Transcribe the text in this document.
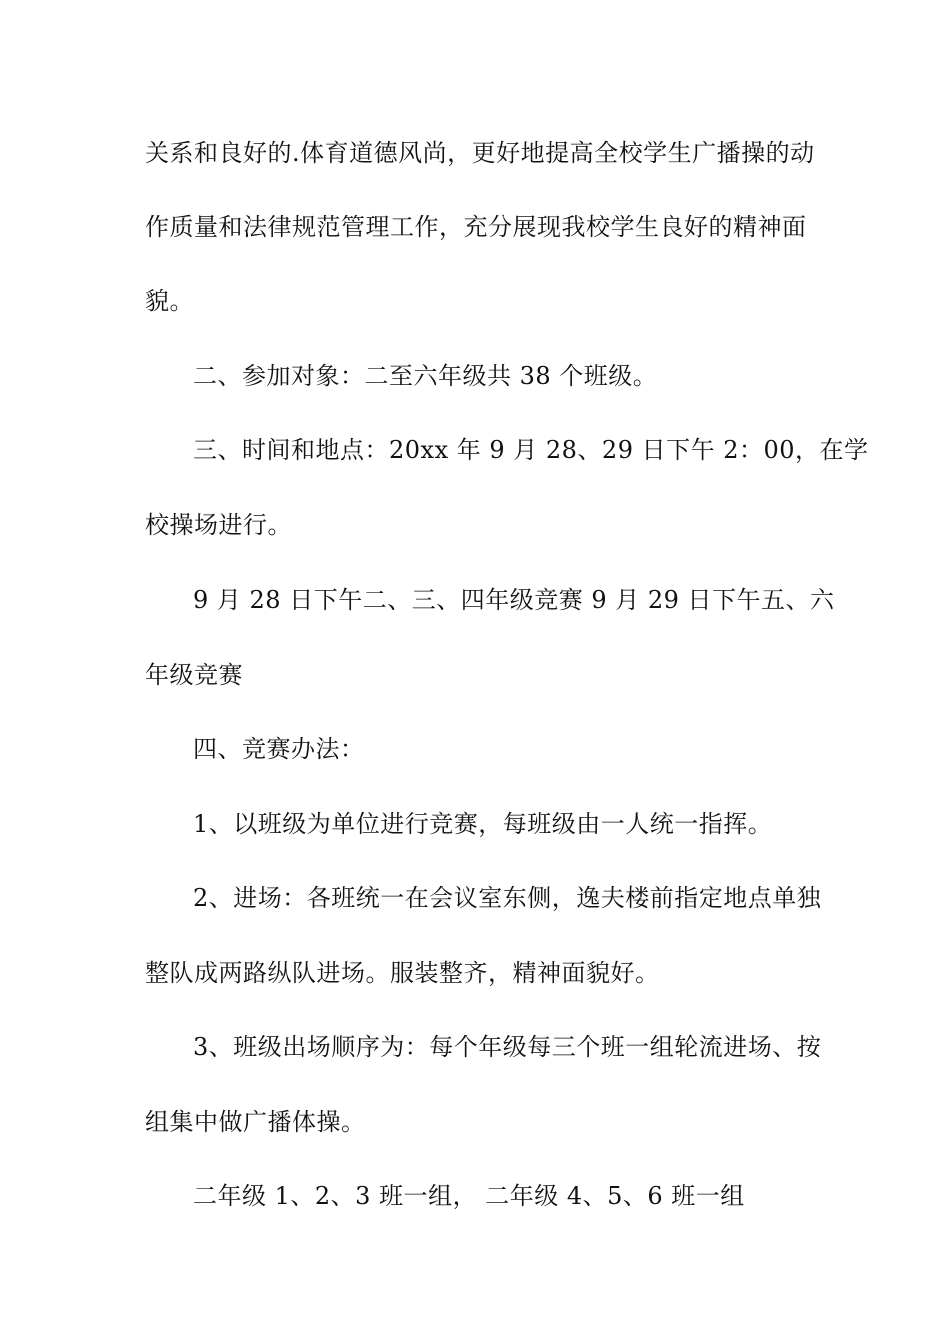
关系和良好的.体育道德风尚，更好地提高全校学生广播操的动
作质量和法律规范管理工作，充分展现我校学生良好的精神面
貌。
二、参加对象：二至六年级共 38 个班级。
三、时间和地点：20xx 年 9 月 28、29 日下午 2：00，在学
校操场进行。
9 月 28 日下午二、三、四年级竞赛 9 月 29 日下午五、六
年级竞赛
四、竞赛办法：
1、以班级为单位进行竞赛，每班级由一人统一指挥。
2、进场：各班统一在会议室东侧，逸夫楼前指定地点单独
整队成两路纵队进场。服装整齐，精神面貌好。
3、班级出场顺序为：每个年级每三个班一组轮流进场、按
组集中做广播体操。
二年级 1、2、3 班一组， 二年级 4、5、6 班一组
